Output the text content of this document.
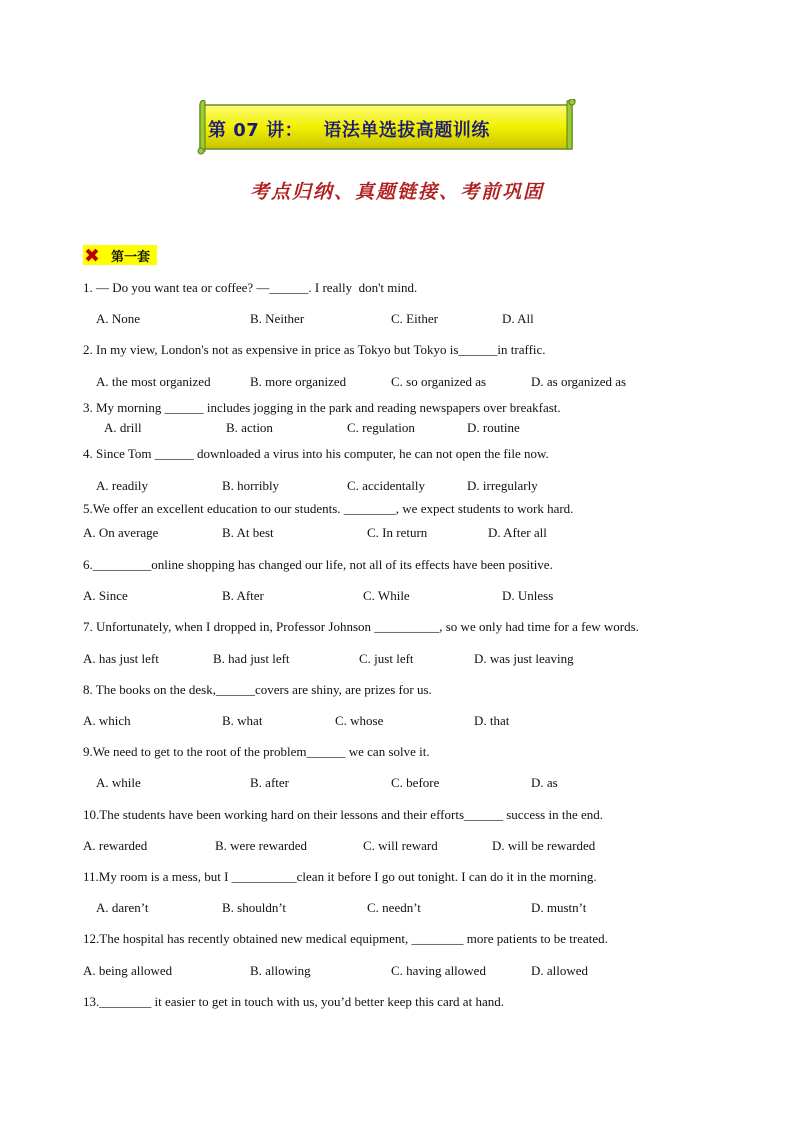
第 07 讲：   语法单选拔高题训练
考点归纳、真题链接、考前巩固
第一套
1. — Do you want tea or coffee? —______. I really  don't mind.
A. None	B. Neither	C. Either	D. All
2. In my view, London's not as expensive in price as Tokyo but Tokyo is______in traffic.
A. the most organized	B. more organized	C. so organized as	D. as organized as
3. My morning ______ includes jogging in the park and reading newspapers over breakfast.
A. drill	B. action	C. regulation	D. routine
4. Since Tom ______ downloaded a virus into his computer, he can not open the file now.
A. readily	B. horribly	C. accidentally	D. irregularly
5.We offer an excellent education to our students. ________, we expect students to work hard.
A. On average	B. At best	C. In return	D. After all
6._________online shopping has changed our life, not all of its effects have been positive.
A. Since	B. After	C. While	D. Unless
7. Unfortunately, when I dropped in, Professor Johnson __________, so we only had time for a few words.
A. has just left	B. had just left	C. just left	D. was just leaving
8. The books on the desk,______covers are shiny, are prizes for us.
A. which	B. what	C. whose	D. that
9.We need to get to the root of the problem______ we can solve it.
A. while	B. after	C. before	D. as
10.The students have been working hard on their lessons and their efforts______ success in the end.
A. rewarded	B. were rewarded	C. will reward	D. will be rewarded
11.My room is a mess, but I __________clean it before I go out tonight. I can do it in the morning.
A. daren’t	B. shouldn’t	C. needn’t	D. mustn’t
12.The hospital has recently obtained new medical equipment, ________ more patients to be treated.
A. being allowed	B. allowing	C. having allowed	D. allowed
13.________ it easier to get in touch with us, you’d better keep this card at hand.
